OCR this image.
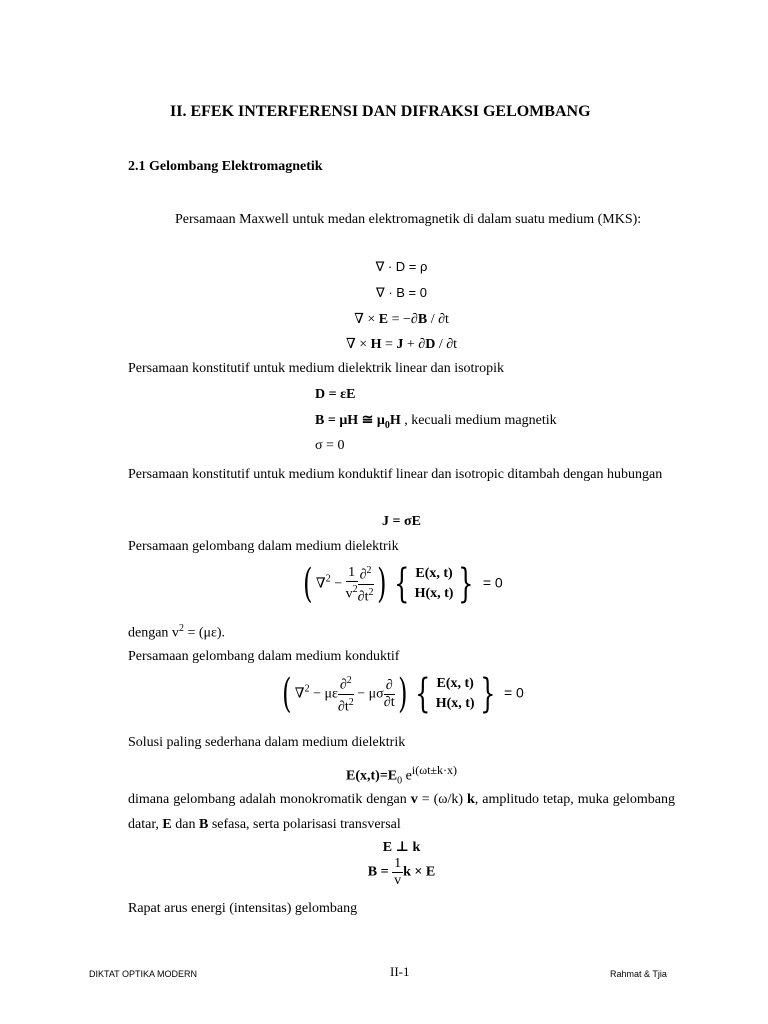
II. EFEK INTERFERENSI DAN DIFRAKSI GELOMBANG
2.1 Gelombang Elektromagnetik
Persamaan Maxwell untuk medan elektromagnetik di dalam suatu medium (MKS):
∇ · D = ρ
∇ · B = 0
∇ × E = −∂B / ∂t
∇ × H = J + ∂D / ∂t
Persamaan konstitutif untuk medium dielektrik linear dan isotropik
D = εE
B = μH ≅ $\mu_0H$ , kecuali medium magnetik
σ = 0
Persamaan konstitutif untuk medium konduktif linear dan isotropic ditambah dengan hubungan
J = σE
Persamaan gelombang dalam medium dielektrik
( $\nabla^2 - \frac{1}{v^2} \frac{\partial^2}{\partial t^2}$ ) { E(x, t)
H(x, t) } = 0
dengan $v^2 = (\mu\varepsilon)$.
Persamaan gelombang dalam medium konduktif
( ∇$^2$ − με $\frac{\partial^2}{\partial t^2} - \mu\sigma \frac{\partial}{\partial t}$ ) { E(x, t)
H(x, t) } = 0
Solusi paling sederhana dalam medium dielektrik
$E(x,t)=E_0$ $e^{i(\omega t\pm k\cdot x)}$
dimana gelombang adalah monokromatik dengan v = (ω/k) k, amplitudo tetap, muka gelombang datar, E dan B sefasa, serta polarisasi transversal
E ⊥ k
$B = \frac{1}{v}$ k × E
Rapat arus energi (intensitas) gelombang
DIKTAT OPTIKA MODERN	II-1	Rahmat & Tjia
